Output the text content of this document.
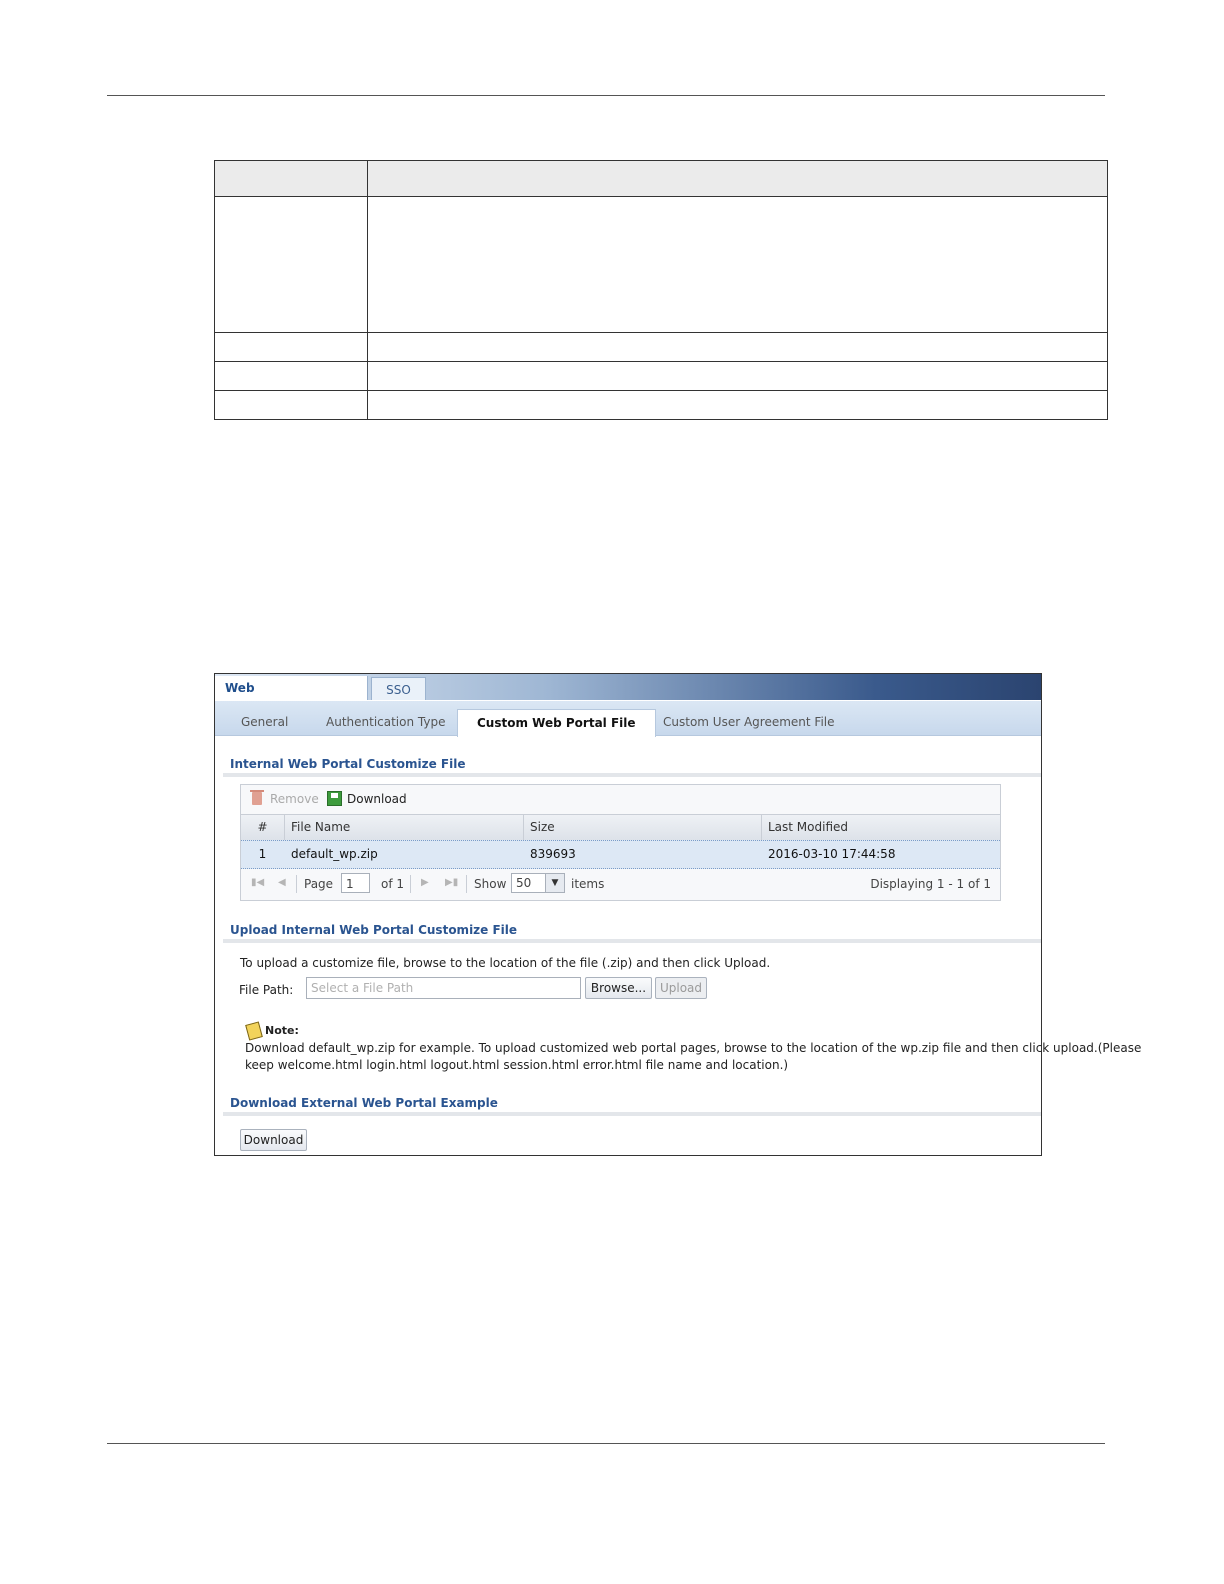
Web	SSO
General	Authentication Type	Custom Web Portal File	Custom User Agreement File
Internal Web Portal Customize File
Remove	Download
#	File Name	Size	Last Modified
1	default_wp.zip	839693	2016-03-10 17:44:58
▮◀ ◀ Page	1	of 1 ▶ ▶▮ Show 50	▼	items	Displaying 1 - 1 of 1
Upload Internal Web Portal Customize File
To upload a customize file, browse to the location of the file (.zip) and then click Upload.
File Path:	Select a File Path	Browse...	Upload
Note:
Download default_wp.zip for example. To upload customized web portal pages, browse to the location of the wp.zip file and then click upload.(Please
keep welcome.html login.html logout.html session.html error.html file name and location.)
Download External Web Portal Example
Download
